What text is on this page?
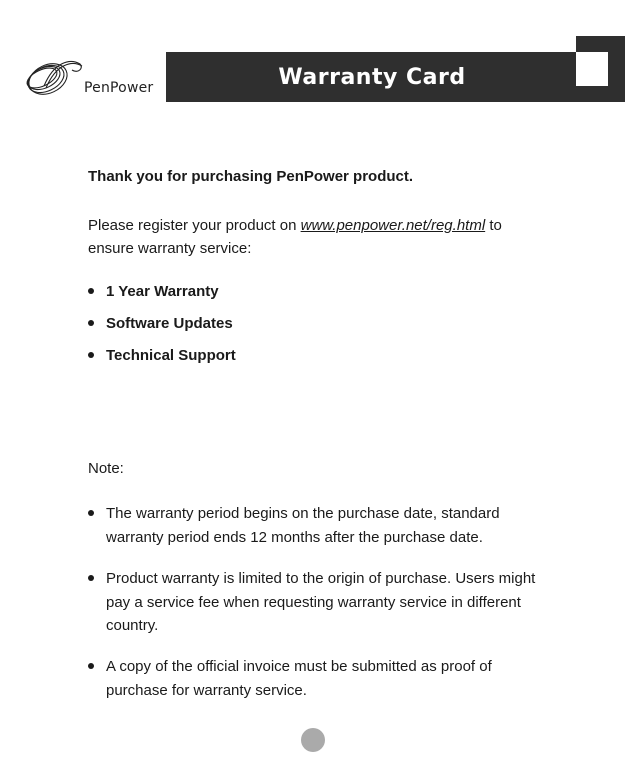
PenPower	Warranty Card
Thank you for purchasing PenPower product.
Please register your product on www.penpower.net/reg.html to ensure warranty service:
1 Year Warranty
Software Updates
Technical Support
Note:
The warranty period begins on the purchase date, standard warranty period ends 12 months after the purchase date.
Product warranty is limited to the origin of purchase. Users might pay a service fee when requesting warranty service in different country.
A copy of the official invoice must be submitted as proof of purchase for warranty service.
